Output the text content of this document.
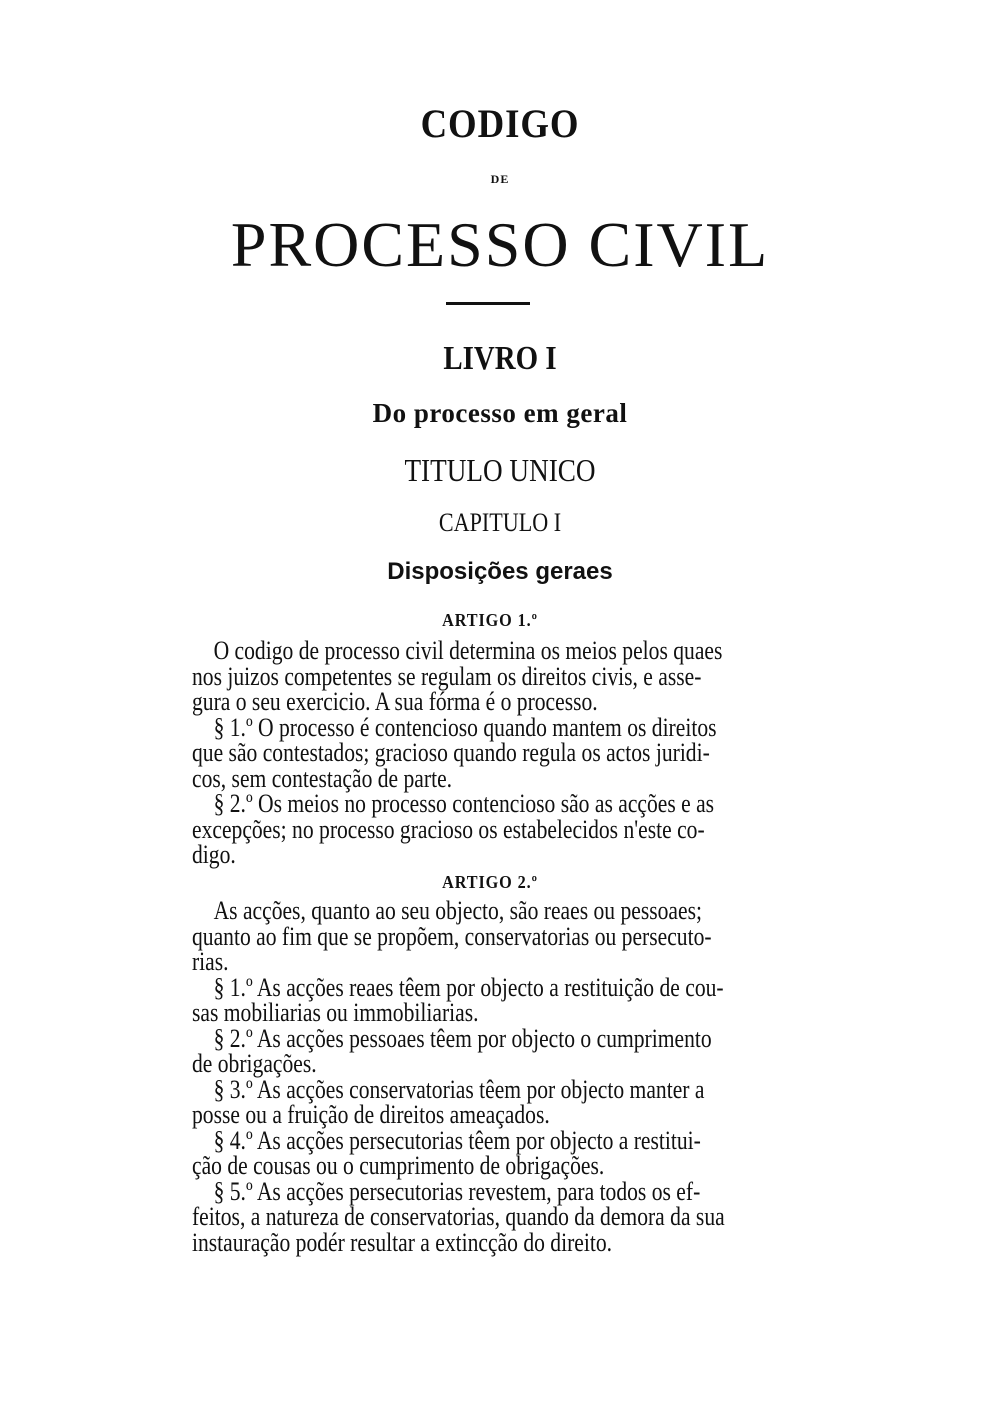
CODIGO
DE
PROCESSO CIVIL
LIVRO I
Do processo em geral
TITULO UNICO
CAPITULO I
Disposições geraes
ARTIGO 1.º
O codigo de processo civil determina os meios pelos quaes
nos juizos competentes se regulam os direitos civis, e asse-
gura o seu exercicio. A sua fórma é o processo.
§ 1.º O processo é contencioso quando mantem os direitos
que são contestados; gracioso quando regula os actos juridi-
cos, sem contestação de parte.
§ 2.º Os meios no processo contencioso são as acções e as
excepções; no processo gracioso os estabelecidos n'este co-
digo.
ARTIGO 2.º
As acções, quanto ao seu objecto, são reaes ou pessoaes;
quanto ao fim que se propõem, conservatorias ou persecuto-
rias.
§ 1.º As acções reaes têem por objecto a restituição de cou-
sas mobiliarias ou immobiliarias.
§ 2.º As acções pessoaes têem por objecto o cumprimento
de obrigações.
§ 3.º As acções conservatorias têem por objecto manter a
posse ou a fruição de direitos ameaçados.
§ 4.º As acções persecutorias têem por objecto a restitui-
ção de cousas ou o cumprimento de obrigações.
§ 5.º As acções persecutorias revestem, para todos os ef-
feitos, a natureza de conservatorias, quando da demora da sua
instauração podér resultar a extincção do direito.
